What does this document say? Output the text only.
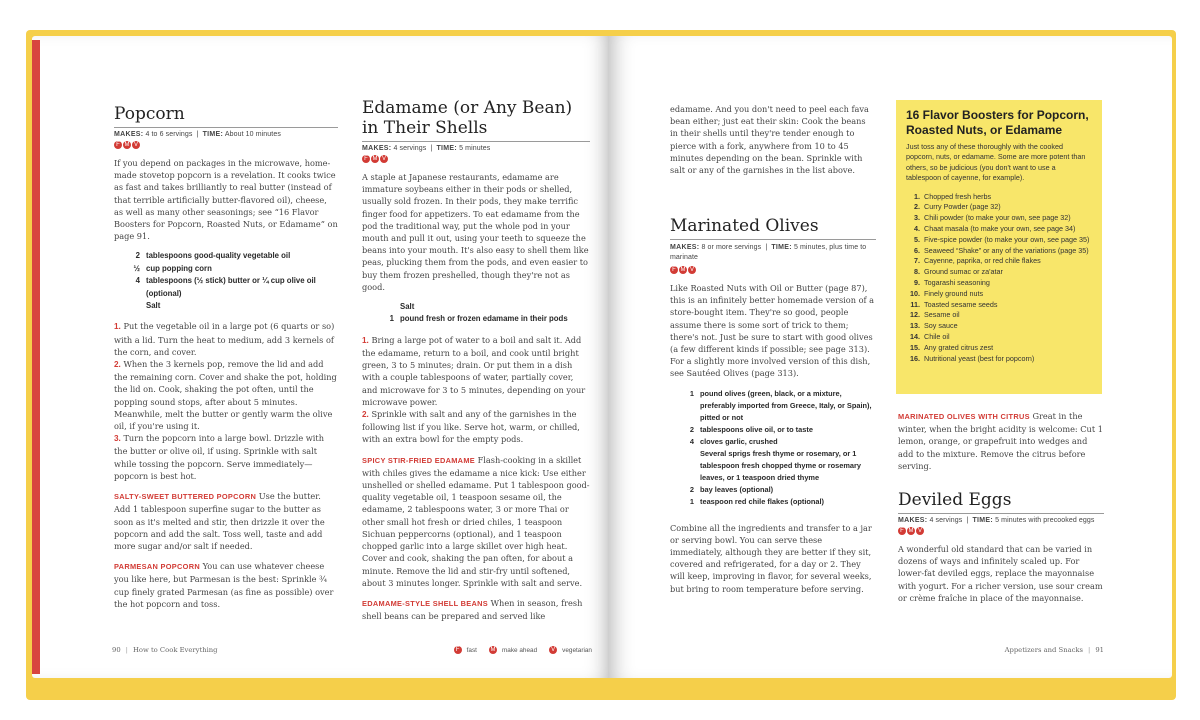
Popcorn
MAKES: 4 to 6 servings  |  TIME: About 10 minutes
F M V

If you depend on packages in the microwave, home-made stovetop popcorn is a revelation. It cooks twice as fast and takes brilliantly to real butter (instead of that terrible artificially butter-flavored oil), cheese, as well as many other seasonings; see “16 Flavor Boosters for Popcorn, Roasted Nuts, or Edamame” on page 91.

2 tablespoons good-quality vegetable oil
½ cup popping corn
4 tablespoons (½ stick) butter or ¼ cup olive oil (optional)
Salt

1. Put the vegetable oil in a large pot (6 quarts or so) with a lid. Turn the heat to medium, add 3 kernels of the corn, and cover.

2. When the 3 kernels pop, remove the lid and add the remaining corn. Cover and shake the pot, holding the lid on. Cook, shaking the pot often, until the popping sound stops, after about 5 minutes. Meanwhile, melt the butter or gently warm the olive oil, if you're using it.

3. Turn the popcorn into a large bowl. Drizzle with the butter or olive oil, if using. Sprinkle with salt while tossing the popcorn. Serve immediately—popcorn is best hot.

SALTY-SWEET BUTTERED POPCORN Use the butter. Add 1 tablespoon superfine sugar to the butter as soon as it's melted and stir, then drizzle it over the popcorn and add the salt. Toss well, taste and add more sugar and/or salt if needed.

PARMESAN POPCORN You can use whatever cheese you like here, but Parmesan is the best: Sprinkle ¾ cup finely grated Parmesan (as fine as possible) over the hot popcorn and toss.

Edamame (or Any Bean) in Their Shells
MAKES: 4 servings  |  TIME: 5 minutes
F M V

A staple at Japanese restaurants, edamame are immature soybeans either in their pods or shelled, usually sold frozen. In their pods, they make terrific finger food for appetizers. To eat edamame from the pod the traditional way, put the whole pod in your mouth and pull it out, using your teeth to squeeze the beans into your mouth. It's also easy to shell them like peas, plucking them from the pods, and even easier to buy them frozen preshelled, though they're not as good.

Salt
1 pound fresh or frozen edamame in their pods

1. Bring a large pot of water to a boil and salt it. Add the edamame, return to a boil, and cook until bright green, 3 to 5 minutes; drain. Or put them in a dish with a couple tablespoons of water, partially cover, and microwave for 3 to 5 minutes, depending on your microwave power.

2. Sprinkle with salt and any of the garnishes in the following list if you like. Serve hot, warm, or chilled, with an extra bowl for the empty pods.

SPICY STIR-FRIED EDAMAME Flash-cooking in a skillet with chiles gives the edamame a nice kick: Use either unshelled or shelled edamame. Put 1 tablespoon good-quality vegetable oil, 1 teaspoon sesame oil, the edamame, 2 tablespoons water, 3 or more Thai or other small hot fresh or dried chiles, 1 teaspoon Sichuan peppercorns (optional), and 1 teaspoon chopped garlic into a large skillet over high heat. Cover and cook, shaking the pan often, for about a minute. Remove the lid and stir-fry until softened, about 3 minutes longer. Sprinkle with salt and serve.

EDAMAME-STYLE SHELL BEANS When in season, fresh shell beans can be prepared and served like

90 | How to Cook Everything	F	fast M make ahead	V	vegetarian

edamame. And you don't need to peel each fava bean either; just eat their skin: Cook the beans in their shells until they're tender enough to pierce with a fork, anywhere from 10 to 45 minutes depending on the bean. Sprinkle with salt or any of the garnishes in the list above.

Marinated Olives
MAKES: 8 or more servings  |  TIME: 5 minutes, plus time to marinate
F M V

Like Roasted Nuts with Oil or Butter (page 87), this is an infinitely better homemade version of a store-bought item. They're so good, people assume there is some sort of trick to them; there's not. Just be sure to start with good olives (a few different kinds if possible; see page 313). For a slightly more involved version of this dish, see Sautéed Olives (page 313).

1 pound olives (green, black, or a mixture, preferably imported from Greece, Italy, or Spain), pitted or not
2 tablespoons olive oil, or to taste
4 cloves garlic, crushed
Several sprigs fresh thyme or rosemary, or 1 tablespoon fresh chopped thyme or rosemary leaves, or 1 teaspoon dried thyme
2 bay leaves (optional)
1 teaspoon red chile flakes (optional)

Combine all the ingredients and transfer to a jar or serving bowl. You can serve these immediately, although they are better if they sit, covered and refrigerated, for a day or 2. They will keep, improving in flavor, for several weeks, but bring to room temperature before serving.

16 Flavor Boosters for Popcorn, Roasted Nuts, or Edamame
Just toss any of these thoroughly with the cooked popcorn, nuts, or edamame. Some are more potent than others, so be judicious (you don't want to use a tablespoon of cayenne, for example).
1. Chopped fresh herbs
2. Curry Powder (page 32)
3. Chili powder (to make your own, see page 32)
4. Chaat masala (to make your own, see page 34)
5. Five-spice powder (to make your own, see page 35)
6. Seaweed “Shake” or any of the variations (page 35)
7. Cayenne, paprika, or red chile flakes
8. Ground sumac or za'atar
9. Togarashi seasoning
10. Finely ground nuts
11. Toasted sesame seeds
12. Sesame oil
13. Soy sauce
14. Chile oil
15. Any grated citrus zest
16. Nutritional yeast (best for popcorn)

MARINATED OLIVES WITH CITRUS Great in the winter, when the bright acidity is welcome: Cut 1 lemon, orange, or grapefruit into wedges and add to the mixture. Remove the citrus before serving.

Deviled Eggs
MAKES: 4 servings  |  TIME: 5 minutes with precooked eggs
F M V

A wonderful old standard that can be varied in dozens of ways and infinitely scaled up. For lower-fat deviled eggs, replace the mayonnaise with yogurt. For a richer version, use sour cream or crème fraîche in place of the mayonnaise.

Appetizers and Snacks | 91
